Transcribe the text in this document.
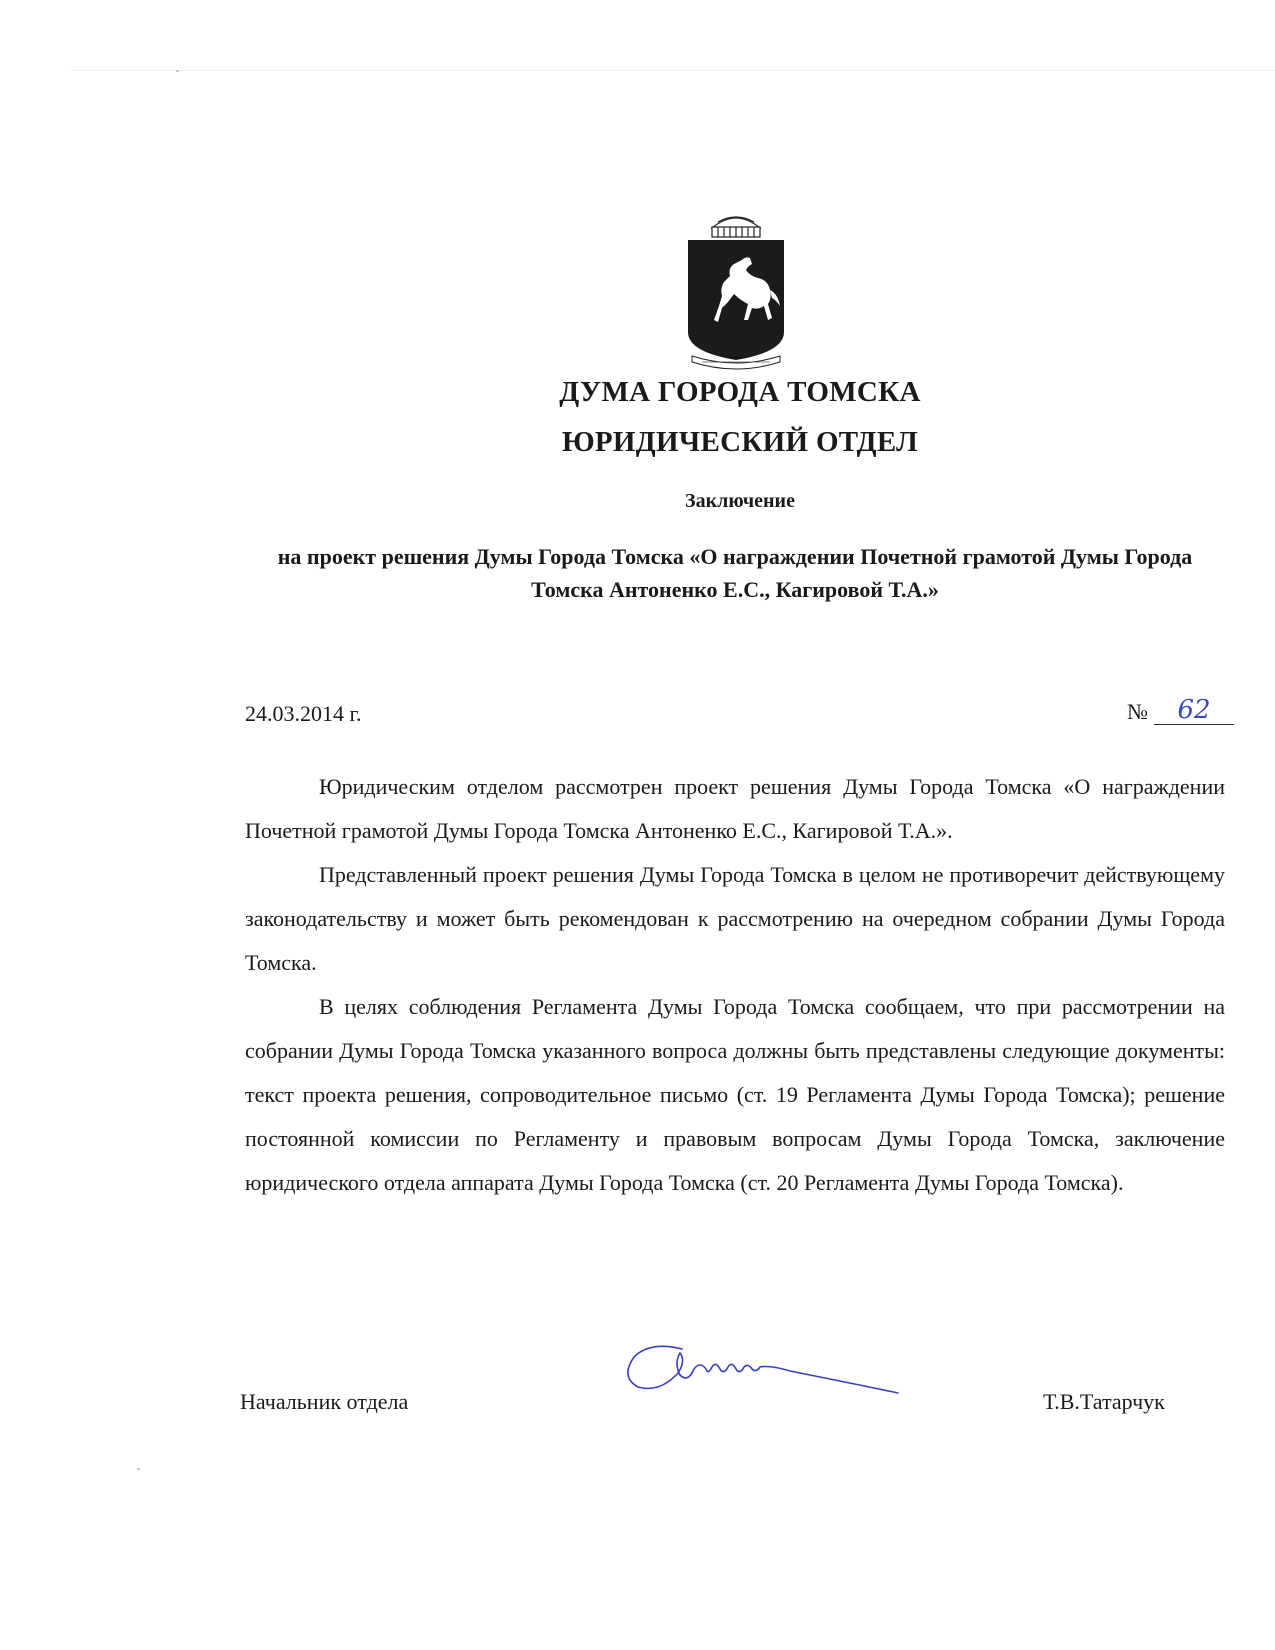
ДУМА ГОРОДА ТОМСКА
ЮРИДИЧЕСКИЙ ОТДЕЛ
Заключение
на проект решения Думы Города Томска «О награждении Почетной грамотой Думы Города Томска Антоненко Е.С., Кагировой Т.А.»
24.03.2014 г.	№ 62

Юридическим отделом рассмотрен проект решения Думы Города Томска «О награждении Почетной грамотой Думы Города Томска Антоненко Е.С., Кагировой Т.А.».

Представленный проект решения Думы Города Томска в целом не противоречит действующему законодательству и может быть рекомендован к рассмотрению на очередном собрании Думы Города Томска.

В целях соблюдения Регламента Думы Города Томска сообщаем, что при рассмотрении на собрании Думы Города Томска указанного вопроса должны быть представлены следующие документы: текст проекта решения, сопроводительное письмо (ст. 19 Регламента Думы Города Томска); решение постоянной комиссии по Регламенту и правовым вопросам Думы Города Томска, заключение юридического отдела аппарата Думы Города Томска (ст. 20 Регламента Думы Города Томска).

Начальник отдела	Т.В.Татарчук
